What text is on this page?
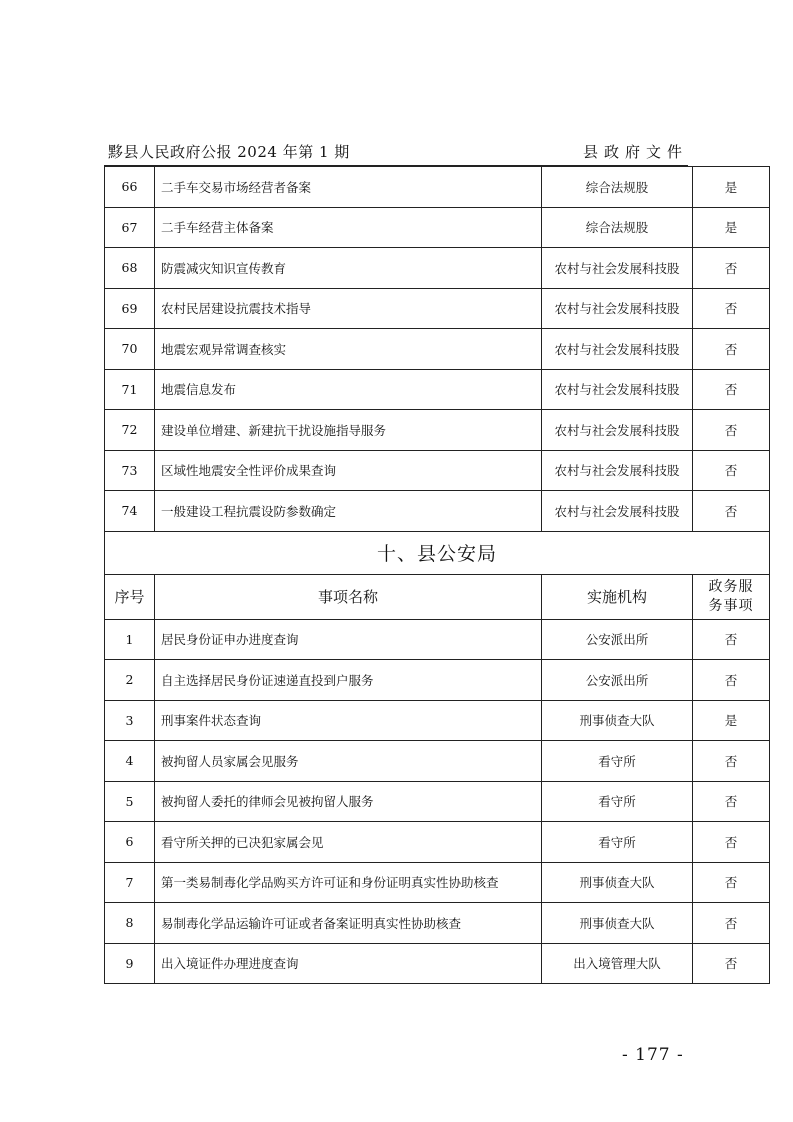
黟县人民政府公报 2024 年第 1 期	县政府文件
66	二手车交易市场经营者备案	综合法规股	是
67	二手车经营主体备案	综合法规股	是
68	防震减灾知识宣传教育	农村与社会发展科技股	否
69	农村民居建设抗震技术指导	农村与社会发展科技股	否
70	地震宏观异常调查核实	农村与社会发展科技股	否
71	地震信息发布	农村与社会发展科技股	否
72	建设单位增建、新建抗干扰设施指导服务	农村与社会发展科技股	否
73	区域性地震安全性评价成果查询	农村与社会发展科技股	否
74	一般建设工程抗震设防参数确定	农村与社会发展科技股	否
十、县公安局			
序号	事项名称	实施机构	政务服
务事项
1	居民身份证申办进度查询	公安派出所	否
2	自主选择居民身份证速递直投到户服务	公安派出所	否
3	刑事案件状态查询	刑事侦查大队	是
4	被拘留人员家属会见服务	看守所	否
5	被拘留人委托的律师会见被拘留人服务	看守所	否
6	看守所关押的已决犯家属会见	看守所	否
7	第一类易制毒化学品购买方许可证和身份证明真实性协助核查	刑事侦查大队	否
8	易制毒化学品运输许可证或者备案证明真实性协助核查	刑事侦查大队	否
9	出入境证件办理进度查询	出入境管理大队	否
- 177 -
